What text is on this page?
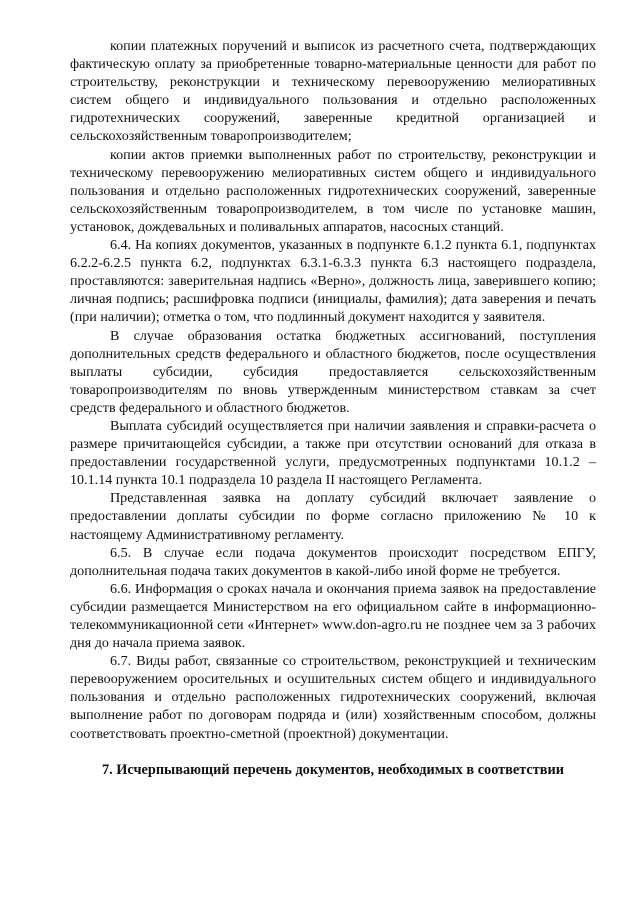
копии платежных поручений и выписок из расчетного счета, подтверждающих фактическую оплату за приобретенные товарно-материальные ценности для работ по строительству, реконструкции и техническому перевооружению мелиоративных систем общего и индивидуального пользования и отдельно расположенных гидротехнических сооружений, заверенные кредитной организацией и сельскохозяйственным товаропроизводителем;

копии актов приемки выполненных работ по строительству, реконструкции и техническому перевооружению мелиоративных систем общего и индивидуального пользования и отдельно расположенных гидротехнических сооружений, заверенные сельскохозяйственным товаропроизводителем, в том числе по установке машин, установок, дождевальных и поливальных аппаратов, насосных станций.

6.4. На копиях документов, указанных в подпункте 6.1.2 пункта 6.1, подпунктах 6.2.2-6.2.5 пункта 6.2, подпунктах 6.3.1-6.3.3 пункта 6.3 настоящего подраздела, проставляются: заверительная надпись «Верно», должность лица, заверившего копию; личная подпись; расшифровка подписи (инициалы, фамилия); дата заверения и печать (при наличии); отметка о том, что подлинный документ находится у заявителя.

В случае образования остатка бюджетных ассигнований, поступления дополнительных средств федерального и областного бюджетов, после осуществления выплаты субсидии, субсидия предоставляется сельскохозяйственным товаропроизводителям по вновь утвержденным министерством ставкам за счет средств федерального и областного бюджетов.

Выплата субсидий осуществляется при наличии заявления и справки-расчета о размере причитающейся субсидии, а также при отсутствии оснований для отказа в предоставлении государственной услуги, предусмотренных подпунктами 10.1.2 – 10.1.14 пункта 10.1 подраздела 10 раздела II настоящего Регламента.

Представленная заявка на доплату субсидий включает заявление о предоставлении доплаты субсидии по форме согласно приложению № 10 к настоящему Административному регламенту.

6.5. В случае если подача документов происходит посредством ЕПГУ, дополнительная подача таких документов в какой-либо иной форме не требуется.

6.6. Информация о сроках начала и окончания приема заявок на предоставление субсидии размещается Министерством на его официальном сайте в информационно-телекоммуникационной сети «Интернет» www.don-agro.ru не позднее чем за 3 рабочих дня до начала приема заявок.

6.7. Виды работ, связанные со строительством, реконструкцией и техническим перевооружением оросительных и осушительных систем общего и индивидуального пользования и отдельно расположенных гидротехнических сооружений, включая выполнение работ по договорам подряда и (или) хозяйственным способом, должны соответствовать проектно-сметной (проектной) документации.

7. Исчерпывающий перечень документов, необходимых в соответствии
